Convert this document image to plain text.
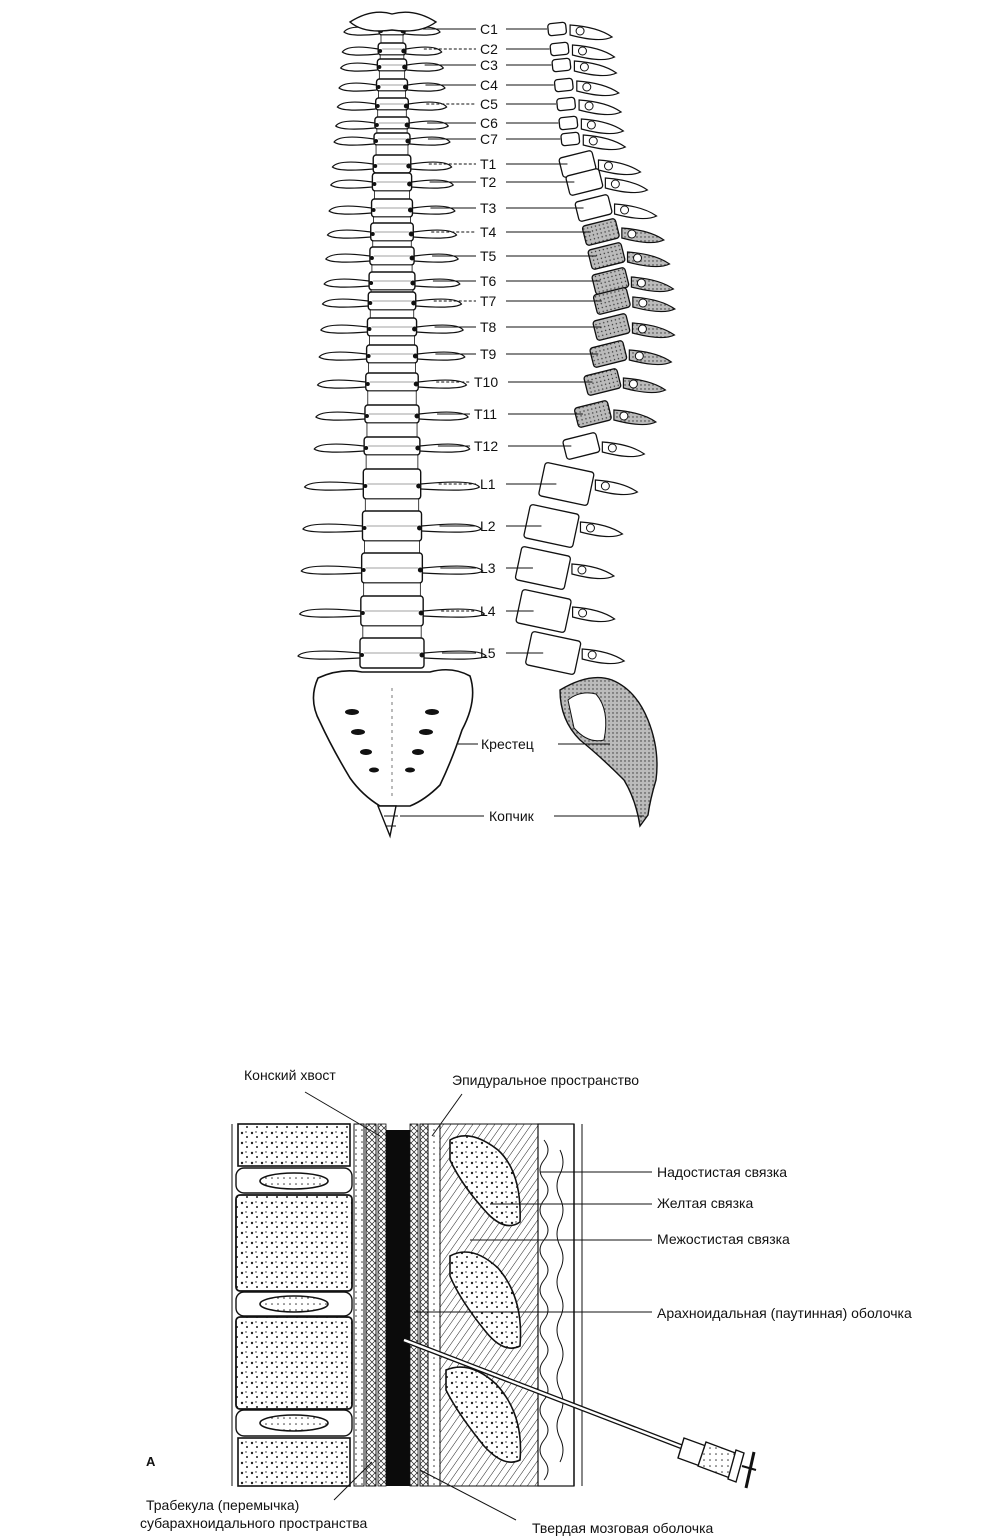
C1
C2
C3
C4
C5
C6
C7
T1
T2
T3
T4
T5
T6
T7
T8
T9
T10
T11
T12
L1
L2
L3
L4
L5
Крестец
Копчик
Конский хвост	Эпидуральное пространство
Надостистая связка
Желтая связка
Межостистая связка
Арахноидальная (паутинная) оболочка
A
Трабекула (перемычка)
субарахноидального пространства	Твердая мозговая оболочка
